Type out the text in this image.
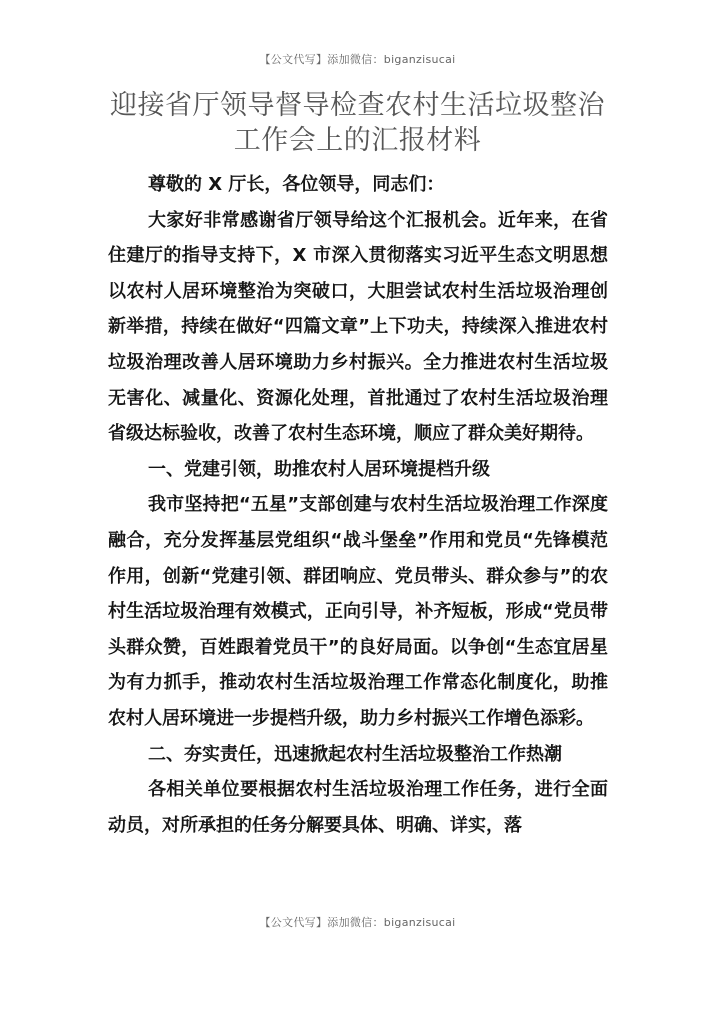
【公文代写】添加微信：biganzisucai
迎接省厅领导督导检查农村生活垃圾整治工作会上的汇报材料

尊敬的 X 厅长，各位领导，同志们：

大家好非常感谢省厅领导给这个汇报机会。近年来，在省住建厅的指导支持下，X 市深入贯彻落实习近平生态文明思想以农村人居环境整治为突破口，大胆尝试农村生活垃圾治理创新举措，持续在做好“四篇文章”上下功夫，持续深入推进农村垃圾治理改善人居环境助力乡村振兴。全力推进农村生活垃圾无害化、减量化、资源化处理，首批通过了农村生活垃圾治理省级达标验收，改善了农村生态环境，顺应了群众美好期待。

一、党建引领，助推农村人居环境提档升级

我市坚持把“五星”支部创建与农村生活垃圾治理工作深度融合，充分发挥基层党组织“战斗堡垒”作用和党员“先锋模范作用，创新“党建引领、群团响应、党员带头、群众参与”的农村生活垃圾治理有效模式，正向引导，补齐短板，形成“党员带头群众赞，百姓跟着党员干”的良好局面。以争创“生态宜居星为有力抓手，推动农村生活垃圾治理工作常态化制度化，助推农村人居环境进一步提档升级，助力乡村振兴工作增色添彩。

二、夯实责任，迅速掀起农村生活垃圾整治工作热潮

各相关单位要根据农村生活垃圾治理工作任务，进行全面动员，对所承担的任务分解要具体、明确、详实，落

【公文代写】添加微信：biganzisucai
